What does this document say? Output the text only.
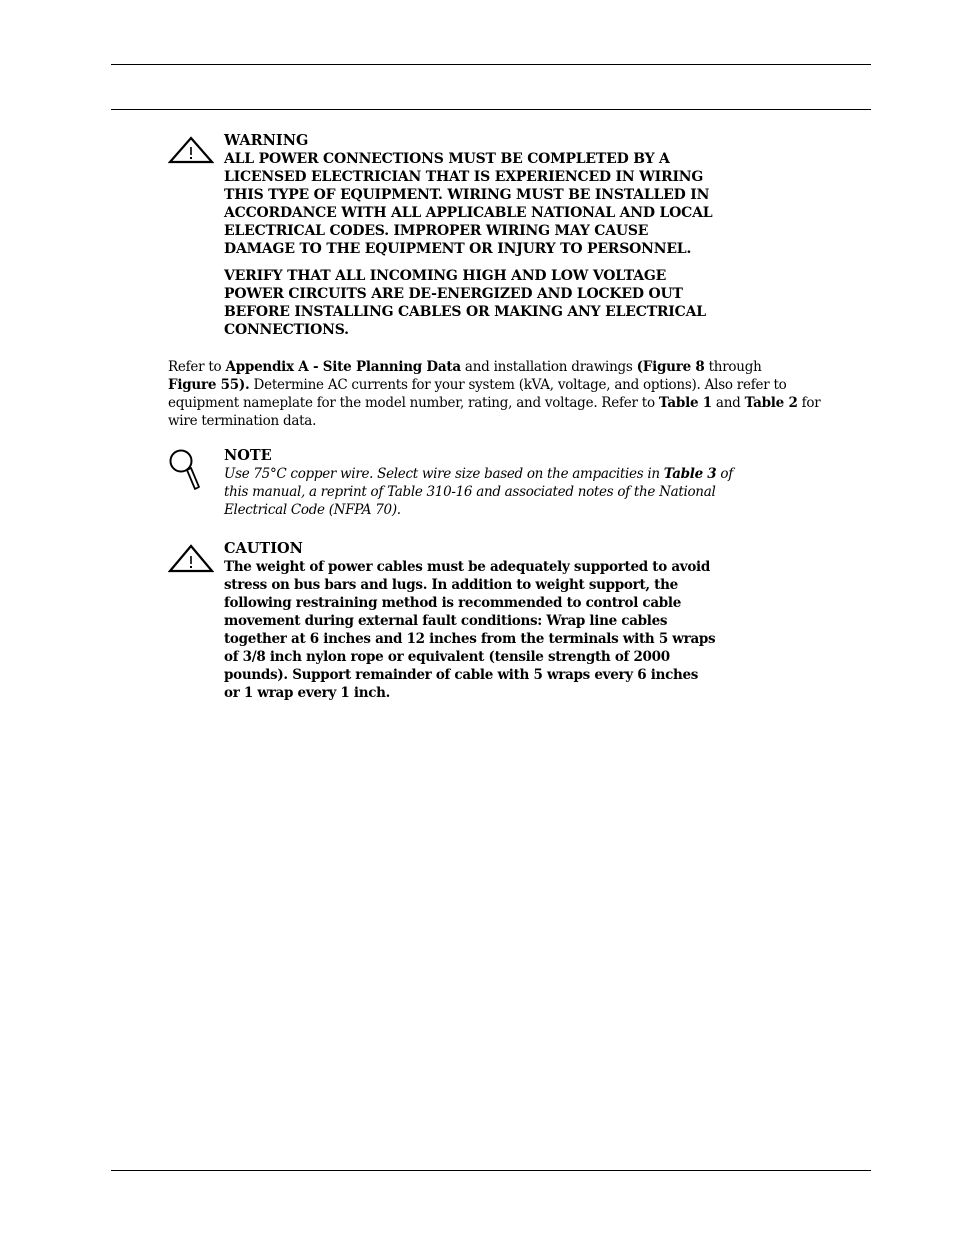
WARNING

ALL POWER CONNECTIONS MUST BE COMPLETED BY A
LICENSED ELECTRICIAN THAT IS EXPERIENCED IN WIRING
THIS TYPE OF EQUIPMENT. WIRING MUST BE INSTALLED IN
ACCORDANCE WITH ALL APPLICABLE NATIONAL AND LOCAL
ELECTRICAL CODES. IMPROPER WIRING MAY CAUSE
DAMAGE TO THE EQUIPMENT OR INJURY TO PERSONNEL.

VERIFY THAT ALL INCOMING HIGH AND LOW VOLTAGE
POWER CIRCUITS ARE DE-ENERGIZED AND LOCKED OUT
BEFORE INSTALLING CABLES OR MAKING ANY ELECTRICAL
CONNECTIONS.

Refer to Appendix A - Site Planning Data and installation drawings (Figure 8 through
Figure 55). Determine AC currents for your system (kVA, voltage, and options). Also refer to
equipment nameplate for the model number, rating, and voltage. Refer to Table 1 and Table 2 for
wire termination data.

NOTE

Use 75°C copper wire. Select wire size based on the ampacities in Table 3 of
this manual, a reprint of Table 310-16 and associated notes of the National
Electrical Code (NFPA 70).

CAUTION

The weight of power cables must be adequately supported to avoid
stress on bus bars and lugs. In addition to weight support, the
following restraining method is recommended to control cable
movement during external fault conditions: Wrap line cables
together at 6 inches and 12 inches from the terminals with 5 wraps
of 3/8 inch nylon rope or equivalent (tensile strength of 2000
pounds). Support remainder of cable with 5 wraps every 6 inches
or 1 wrap every 1 inch.
